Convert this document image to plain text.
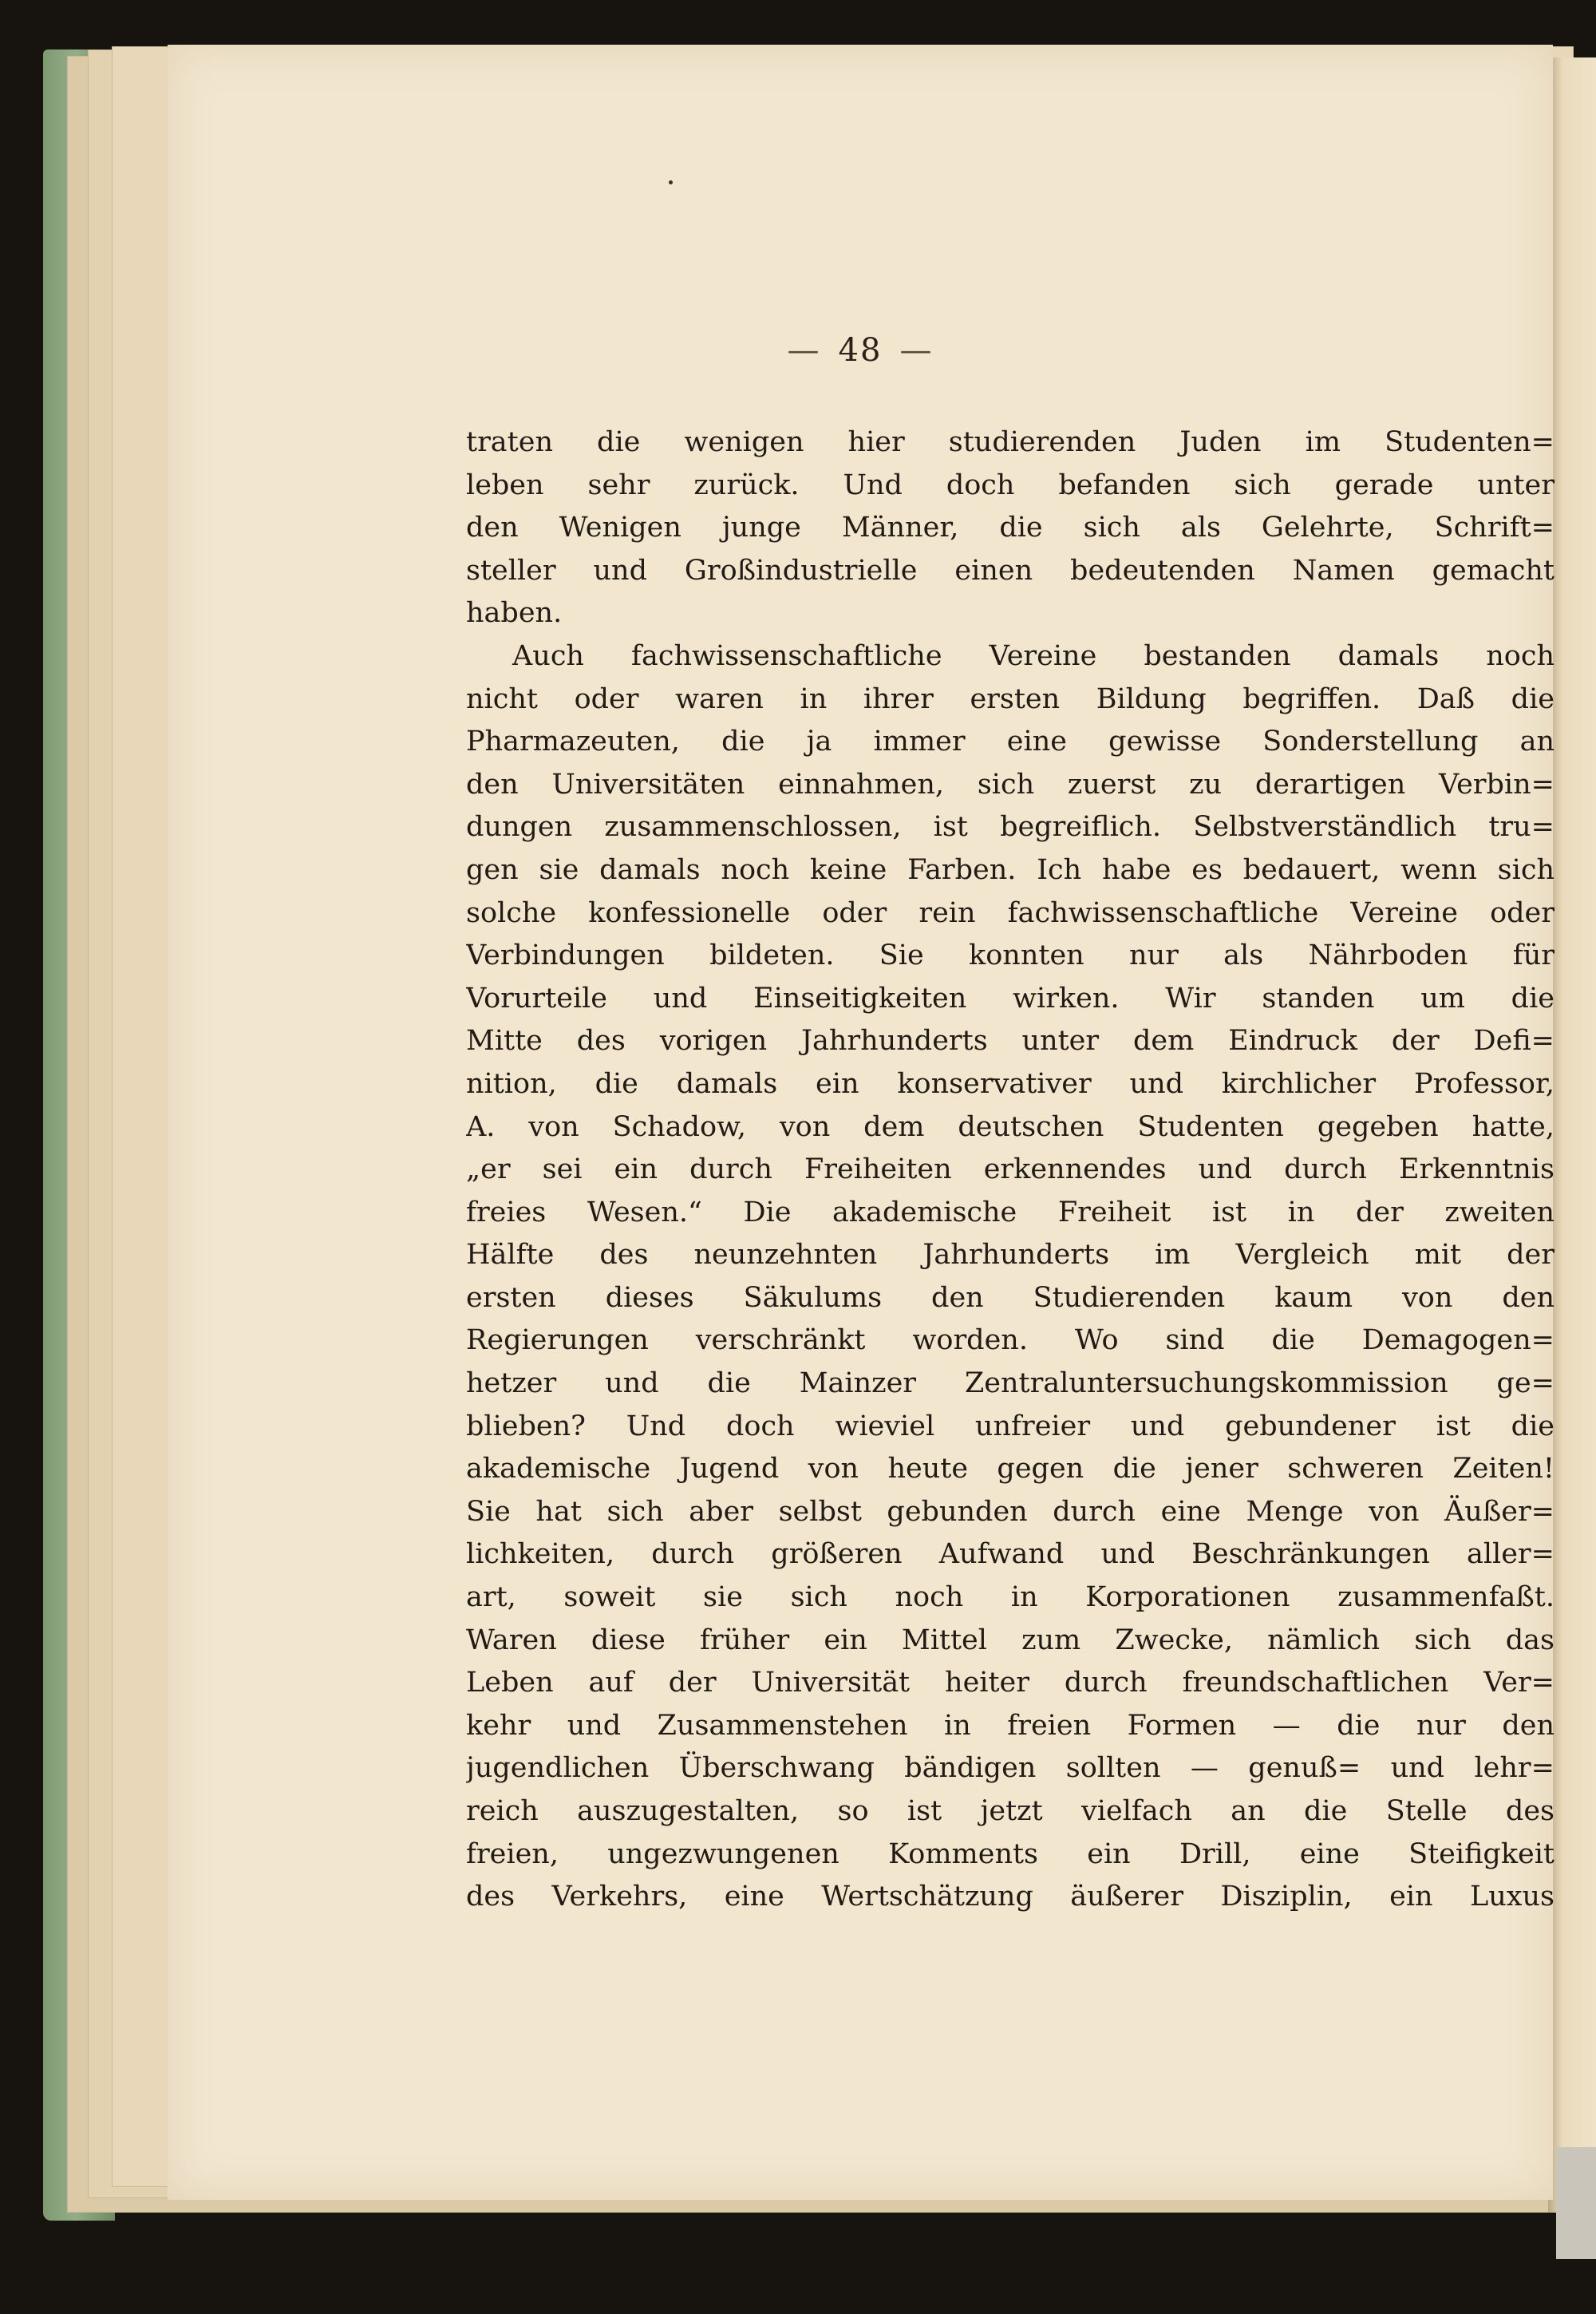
— 48 —
traten die wenigen hier studierenden Juden im Studenten=
leben sehr zurück. Und doch befanden sich gerade unter
den Wenigen junge Männer, die sich als Gelehrte, Schrift=
steller und Großindustrielle einen bedeutenden Namen gemacht
haben.
Auch fachwissenschaftliche Vereine bestanden damals noch
nicht oder waren in ihrer ersten Bildung begriffen. Daß die
Pharmazeuten, die ja immer eine gewisse Sonderstellung an
den Universitäten einnahmen, sich zuerst zu derartigen Verbin=
dungen zusammenschlossen, ist begreiflich. Selbstverständlich tru=
gen sie damals noch keine Farben. Ich habe es bedauert, wenn sich
solche konfessionelle oder rein fachwissenschaftliche Vereine oder
Verbindungen bildeten. Sie konnten nur als Nährboden für
Vorurteile und Einseitigkeiten wirken. Wir standen um die
Mitte des vorigen Jahrhunderts unter dem Eindruck der Defi=
nition, die damals ein konservativer und kirchlicher Professor,
A. von Schadow, von dem deutschen Studenten gegeben hatte,
„er sei ein durch Freiheiten erkennendes und durch Erkenntnis
freies Wesen.“ Die akademische Freiheit ist in der zweiten
Hälfte des neunzehnten Jahrhunderts im Vergleich mit der
ersten dieses Säkulums den Studierenden kaum von den
Regierungen verschränkt worden. Wo sind die Demagogen=
hetzer und die Mainzer Zentraluntersuchungskommission ge=
blieben? Und doch wieviel unfreier und gebundener ist die
akademische Jugend von heute gegen die jener schweren Zeiten!
Sie hat sich aber selbst gebunden durch eine Menge von Äußer=
lichkeiten, durch größeren Aufwand und Beschränkungen aller=
art, soweit sie sich noch in Korporationen zusammenfaßt.
Waren diese früher ein Mittel zum Zwecke, nämlich sich das
Leben auf der Universität heiter durch freundschaftlichen Ver=
kehr und Zusammenstehen in freien Formen — die nur den
jugendlichen Überschwang bändigen sollten — genuß= und lehr=
reich auszugestalten, so ist jetzt vielfach an die Stelle des
freien, ungezwungenen Komments ein Drill, eine Steifigkeit
des Verkehrs, eine Wertschätzung äußerer Disziplin, ein Luxus
